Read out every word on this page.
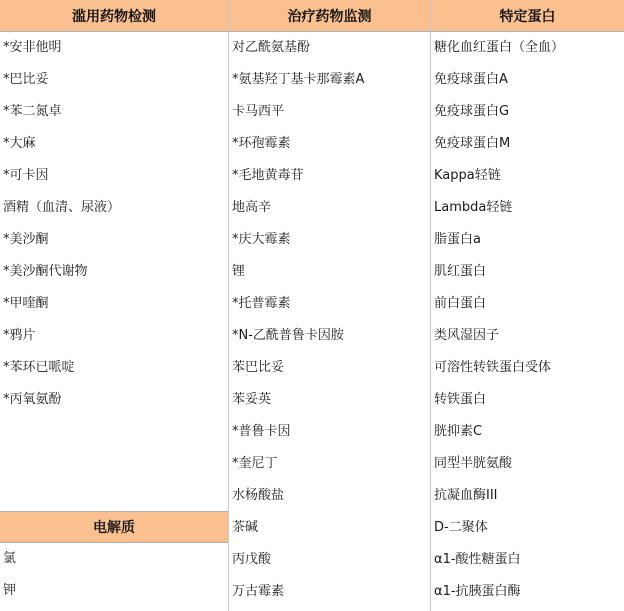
滥用药物检测
*安非他明
*巴比妥
*苯二氮卓
*大麻
*可卡因
酒精（血清、尿液）
*美沙酮
*美沙酮代谢物
*甲喹酮
*鸦片
*苯环已哌啶
*丙氧氨酚
电解质
氯
钾
治疗药物监测
对乙酰氨基酚
*氨基羟丁基卡那霉素A
卡马西平
*环孢霉素
*毛地黄毒苷
地高辛
*庆大霉素
锂
*托普霉素
*N-乙酰普鲁卡因胺
苯巴比妥
苯妥英
*普鲁卡因
*奎尼丁
水杨酸盐
茶碱
丙戊酸
万古霉素
特定蛋白
糖化血红蛋白（全血）
免疫球蛋白A
免疫球蛋白G
免疫球蛋白M
Kappa轻链
Lambda轻链
脂蛋白a
肌红蛋白
前白蛋白
类风湿因子
可溶性转铁蛋白受体
转铁蛋白
胱抑素C
同型半胱氨酸
抗凝血酶III
D-二聚体
α1-酸性糖蛋白
α1-抗胰蛋白酶
